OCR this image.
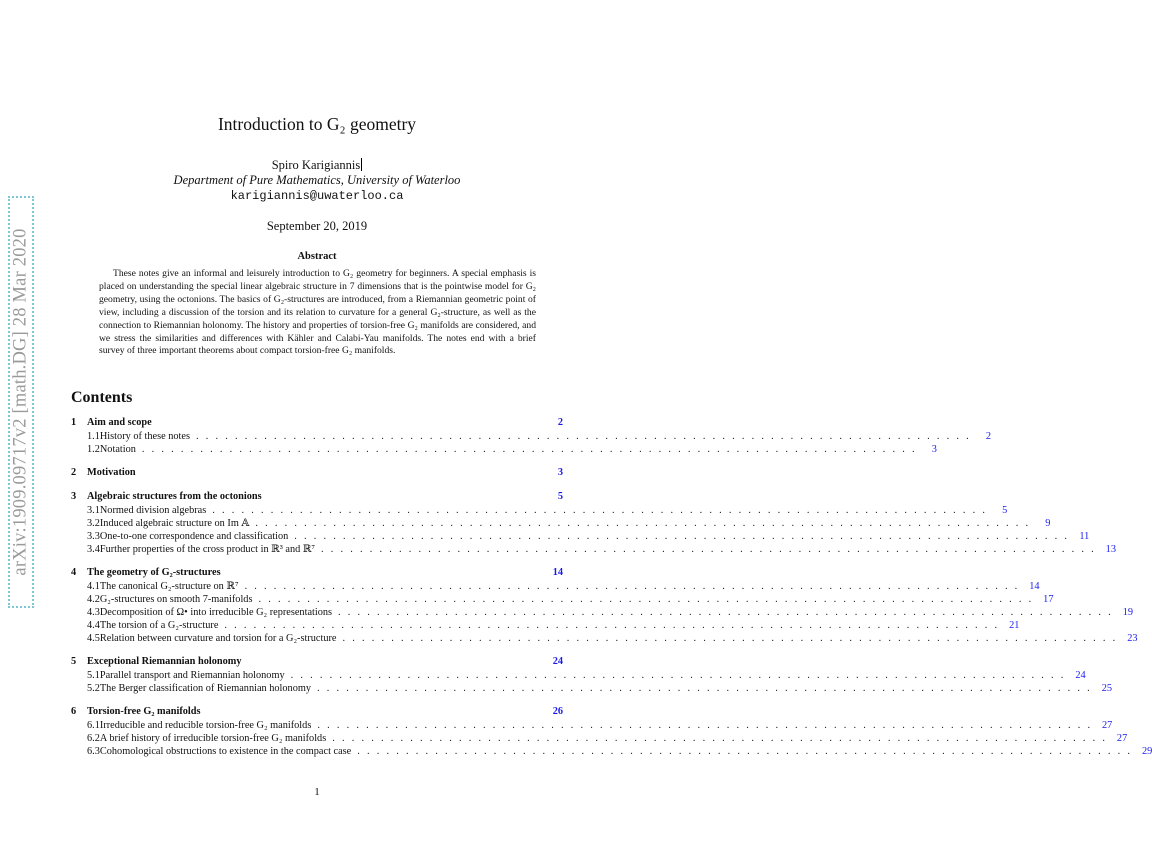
arXiv:1909.09717v2 [math.DG] 28 Mar 2020
Introduction to G₂ geometry
Spiro Karigiannis
Department of Pure Mathematics, University of Waterloo
karigiannis@uwaterloo.ca
September 20, 2019
Abstract
These notes give an informal and leisurely introduction to G₂ geometry for beginners. A special emphasis is placed on understanding the special linear algebraic structure in 7 dimensions that is the pointwise model for G₂ geometry, using the octonions. The basics of G₂-structures are introduced, from a Riemannian geometric point of view, including a discussion of the torsion and its relation to curvature for a general G₂-structure, as well as the connection to Riemannian holonomy. The history and properties of torsion-free G₂ manifolds are considered, and we stress the similarities and differences with Kähler and Calabi-Yau manifolds. The notes end with a brief survey of three important theorems about compact torsion-free G₂ manifolds.
Contents
1	Aim and scope	2
1.1 History of these notes . . . . . . . . . . . . . . . . . . . . . . . . . . . . . . . . . . . . . . . . . . . . . . . . . . . . . . . . . . . . . . . . . . . . . . . . . . . . . . . .	2
1.2 Notation . . . . . . . . . . . . . . . . . . . . . . . . . . . . . . . . . . . . . . . . . . . . . . . . . . . . . . . . . . . . . . . . . . . . . . . . . . . . . . . .	3
2	Motivation	3
3	Algebraic structures from the octonions	5
3.1 Normed division algebras . . . . . . . . . . . . . . . . . . . . . . . . . . . . . . . . . . . . . . . . . . . . . . . . . . . . . . . . . . . . . . . . . . . . . . . . . . . . . . . .	5
3.2 Induced algebraic structure on Im 𝔸 . . . . . . . . . . . . . . . . . . . . . . . . . . . . . . . . . . . . . . . . . . . . . . . . . . . . . . . . . . . . . . . . . . . . . . . . . . . . . . . .	9
3.3 One-to-one correspondence and classification . . . . . . . . . . . . . . . . . . . . . . . . . . . . . . . . . . . . . . . . . . . . . . . . . . . . . . . . . . . . . . . . . . . . . . . . . . . . . . . . 11
3.4 Further properties of the cross product in ℝ³ and ℝ⁷ . . . . . . . . . . . . . . . . . . . . . . . . . . . . . . . . . . . . . . . . . . . . . . . . . . . . . . . . . . . . . . . . . . . . . . . . . . . . . . . . 13
4	The geometry of G₂-structures	14
4.1 The canonical G₂-structure on ℝ⁷ . . . . . . . . . . . . . . . . . . . . . . . . . . . . . . . . . . . . . . . . . . . . . . . . . . . . . . . . . . . . . . . . . . . . . . . . . . . . . . . . 14
4.2 G₂-structures on smooth 7-manifolds . . . . . . . . . . . . . . . . . . . . . . . . . . . . . . . . . . . . . . . . . . . . . . . . . . . . . . . . . . . . . . . . . . . . . . . . . . . . . . . . 17
4.3 Decomposition of Ω• into irreducible G₂ representations . . . . . . . . . . . . . . . . . . . . . . . . . . . . . . . . . . . . . . . . . . . . . . . . . . . . . . . . . . . . . . . . . . . . . . . . . . . . . . . . 19
4.4 The torsion of a G₂-structure . . . . . . . . . . . . . . . . . . . . . . . . . . . . . . . . . . . . . . . . . . . . . . . . . . . . . . . . . . . . . . . . . . . . . . . . . . . . . . . . 21
4.5 Relation between curvature and torsion for a G₂-structure . . . . . . . . . . . . . . . . . . . . . . . . . . . . . . . . . . . . . . . . . . . . . . . . . . . . . . . . . . . . . . . . . . . . . . . . . . . . . . . . 23
5	Exceptional Riemannian holonomy	24
5.1 Parallel transport and Riemannian holonomy . . . . . . . . . . . . . . . . . . . . . . . . . . . . . . . . . . . . . . . . . . . . . . . . . . . . . . . . . . . . . . . . . . . . . . . . . . . . . . . . 24
5.2 The Berger classification of Riemannian holonomy . . . . . . . . . . . . . . . . . . . . . . . . . . . . . . . . . . . . . . . . . . . . . . . . . . . . . . . . . . . . . . . . . . . . . . . . . . . . . . . . 25
6	Torsion-free G₂ manifolds	26
6.1 Irreducible and reducible torsion-free G₂ manifolds . . . . . . . . . . . . . . . . . . . . . . . . . . . . . . . . . . . . . . . . . . . . . . . . . . . . . . . . . . . . . . . . . . . . . . . . . . . . . . . . 27
6.2 A brief history of irreducible torsion-free G₂ manifolds . . . . . . . . . . . . . . . . . . . . . . . . . . . . . . . . . . . . . . . . . . . . . . . . . . . . . . . . . . . . . . . . . . . . . . . . . . . . . . . . 27
6.3 Cohomological obstructions to existence in the compact case . . . . . . . . . . . . . . . . . . . . . . . . . . . . . . . . . . . . . . . . . . . . . . . . . . . . . . . . . . . . . . . . . . . . . . . . . . . . . . . . 29
1
